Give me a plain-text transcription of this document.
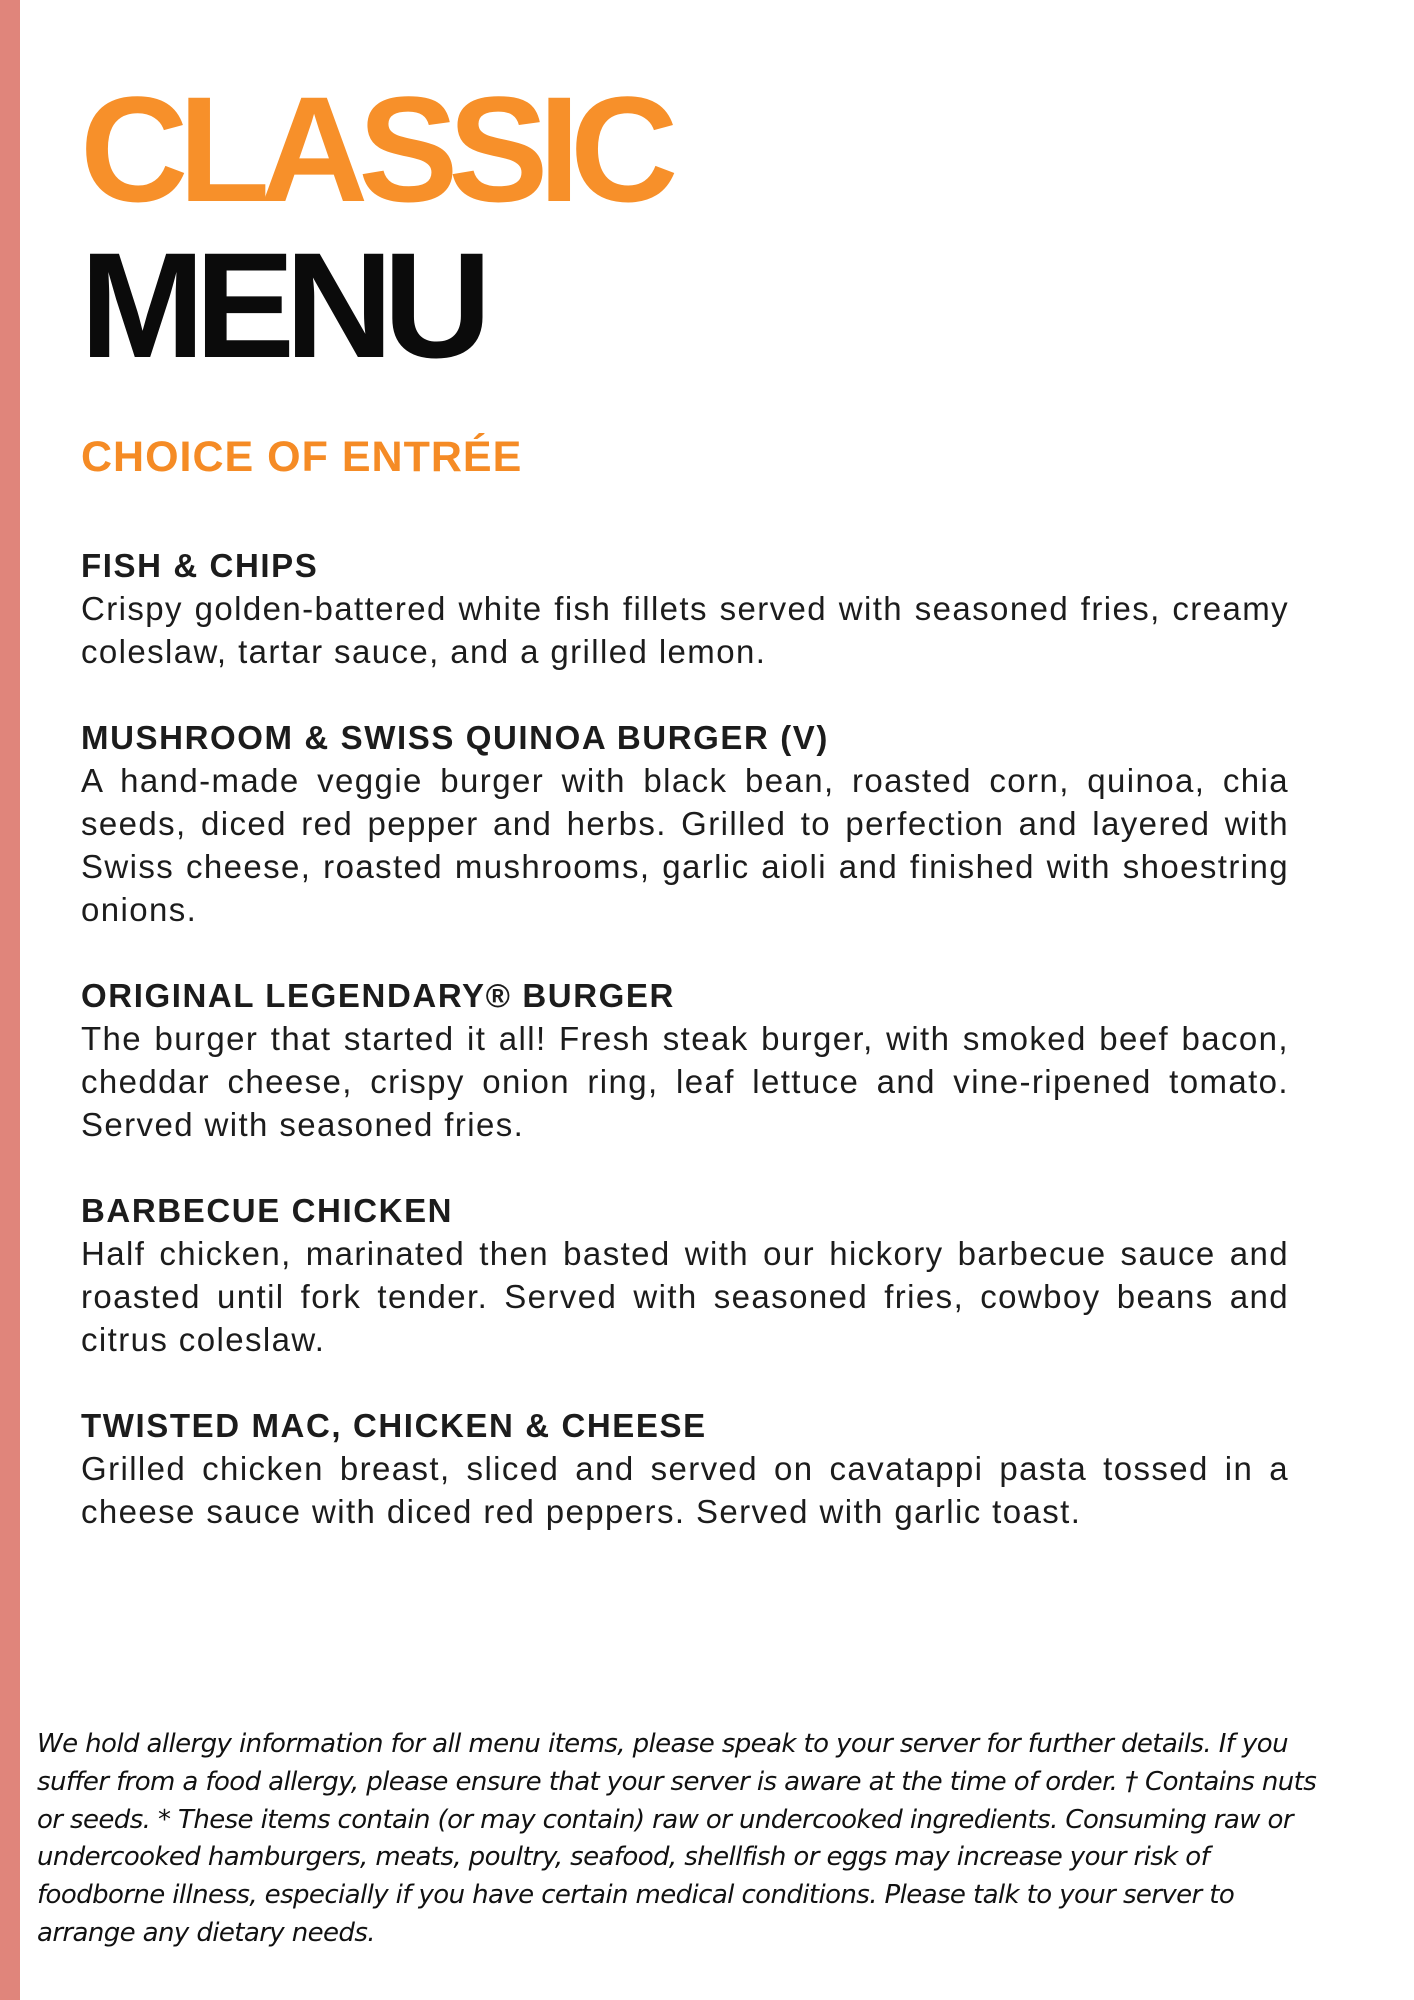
CLASSIC
MENU
CHOICE OF ENTRÉE
FISH & CHIPS
Crispy golden-battered white fish fillets served with seasoned fries, creamy coleslaw, tartar sauce, and a grilled lemon.
MUSHROOM & SWISS QUINOA BURGER (V)
A hand-made veggie burger with black bean, roasted corn, quinoa, chia seeds, diced red pepper and herbs. Grilled to perfection and layered with Swiss cheese, roasted mushrooms, garlic aioli and finished with shoestring onions.
ORIGINAL LEGENDARY® BURGER
The burger that started it all! Fresh steak burger, with smoked beef bacon, cheddar cheese, crispy onion ring, leaf lettuce and vine-ripened tomato. Served with seasoned fries.
BARBECUE CHICKEN
Half chicken, marinated then basted with our hickory barbecue sauce and roasted until fork tender. Served with seasoned fries, cowboy beans and citrus coleslaw.
TWISTED MAC, CHICKEN & CHEESE
Grilled chicken breast, sliced and served on cavatappi pasta tossed in a cheese sauce with diced red peppers. Served with garlic toast.

We hold allergy information for all menu items, please speak to your server for further details. If you suffer from a food allergy, please ensure that your server is aware at the time of order. † Contains nuts or seeds. * These items contain (or may contain) raw or undercooked ingredients. Consuming raw or undercooked hamburgers, meats, poultry, seafood, shellfish or eggs may increase your risk of foodborne illness, especially if you have certain medical conditions. Please talk to your server to arrange any dietary needs.
